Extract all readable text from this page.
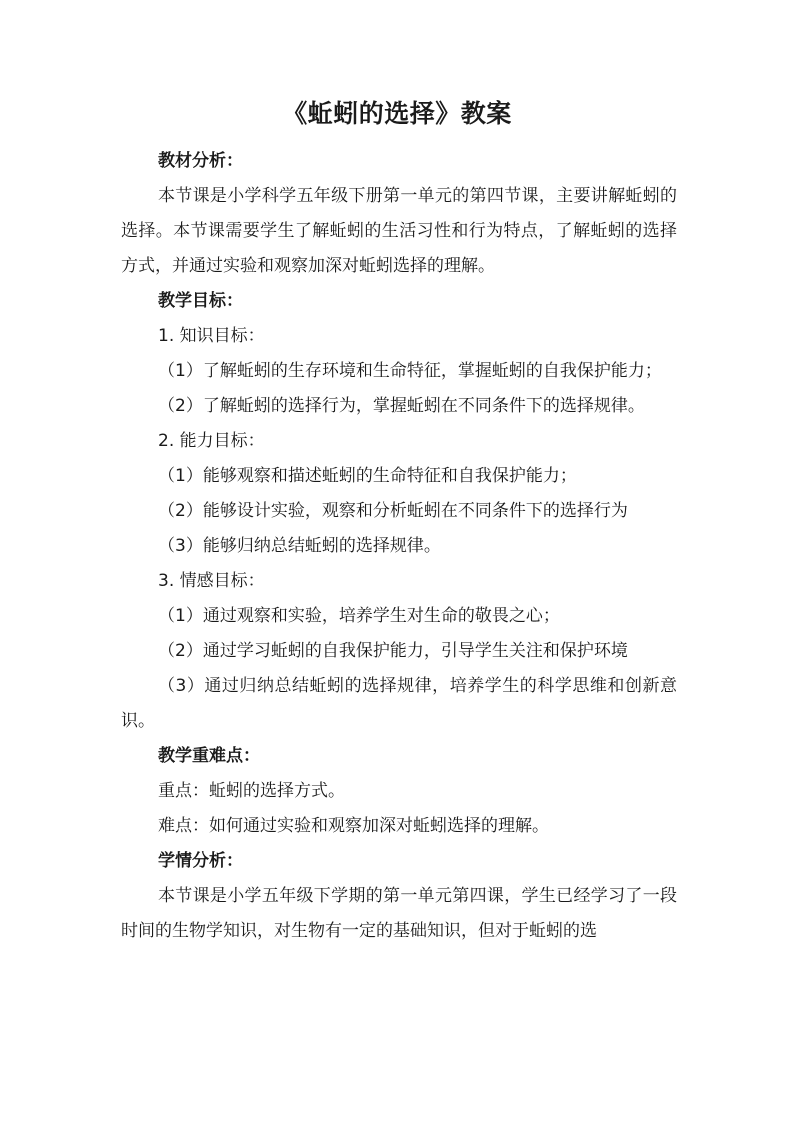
《蚯蚓的选择》教案

教材分析：

本节课是小学科学五年级下册第一单元的第四节课，主要讲解蚯蚓的选择。本节课需要学生了解蚯蚓的生活习性和行为特点，了解蚯蚓的选择方式，并通过实验和观察加深对蚯蚓选择的理解。

教学目标：

1. 知识目标：

（1）了解蚯蚓的生存环境和生命特征，掌握蚯蚓的自我保护能力；

（2）了解蚯蚓的选择行为，掌握蚯蚓在不同条件下的选择规律。

2. 能力目标：

（1）能够观察和描述蚯蚓的生命特征和自我保护能力；

（2）能够设计实验，观察和分析蚯蚓在不同条件下的选择行为

（3）能够归纳总结蚯蚓的选择规律。

3. 情感目标：

（1）通过观察和实验，培养学生对生命的敬畏之心；

（2）通过学习蚯蚓的自我保护能力，引导学生关注和保护环境

（3）通过归纳总结蚯蚓的选择规律，培养学生的科学思维和创新意识。

教学重难点：

重点：蚯蚓的选择方式。

难点：如何通过实验和观察加深对蚯蚓选择的理解。

学情分析：

本节课是小学五年级下学期的第一单元第四课，学生已经学习了一段时间的生物学知识，对生物有一定的基础知识，但对于蚯蚓的选
